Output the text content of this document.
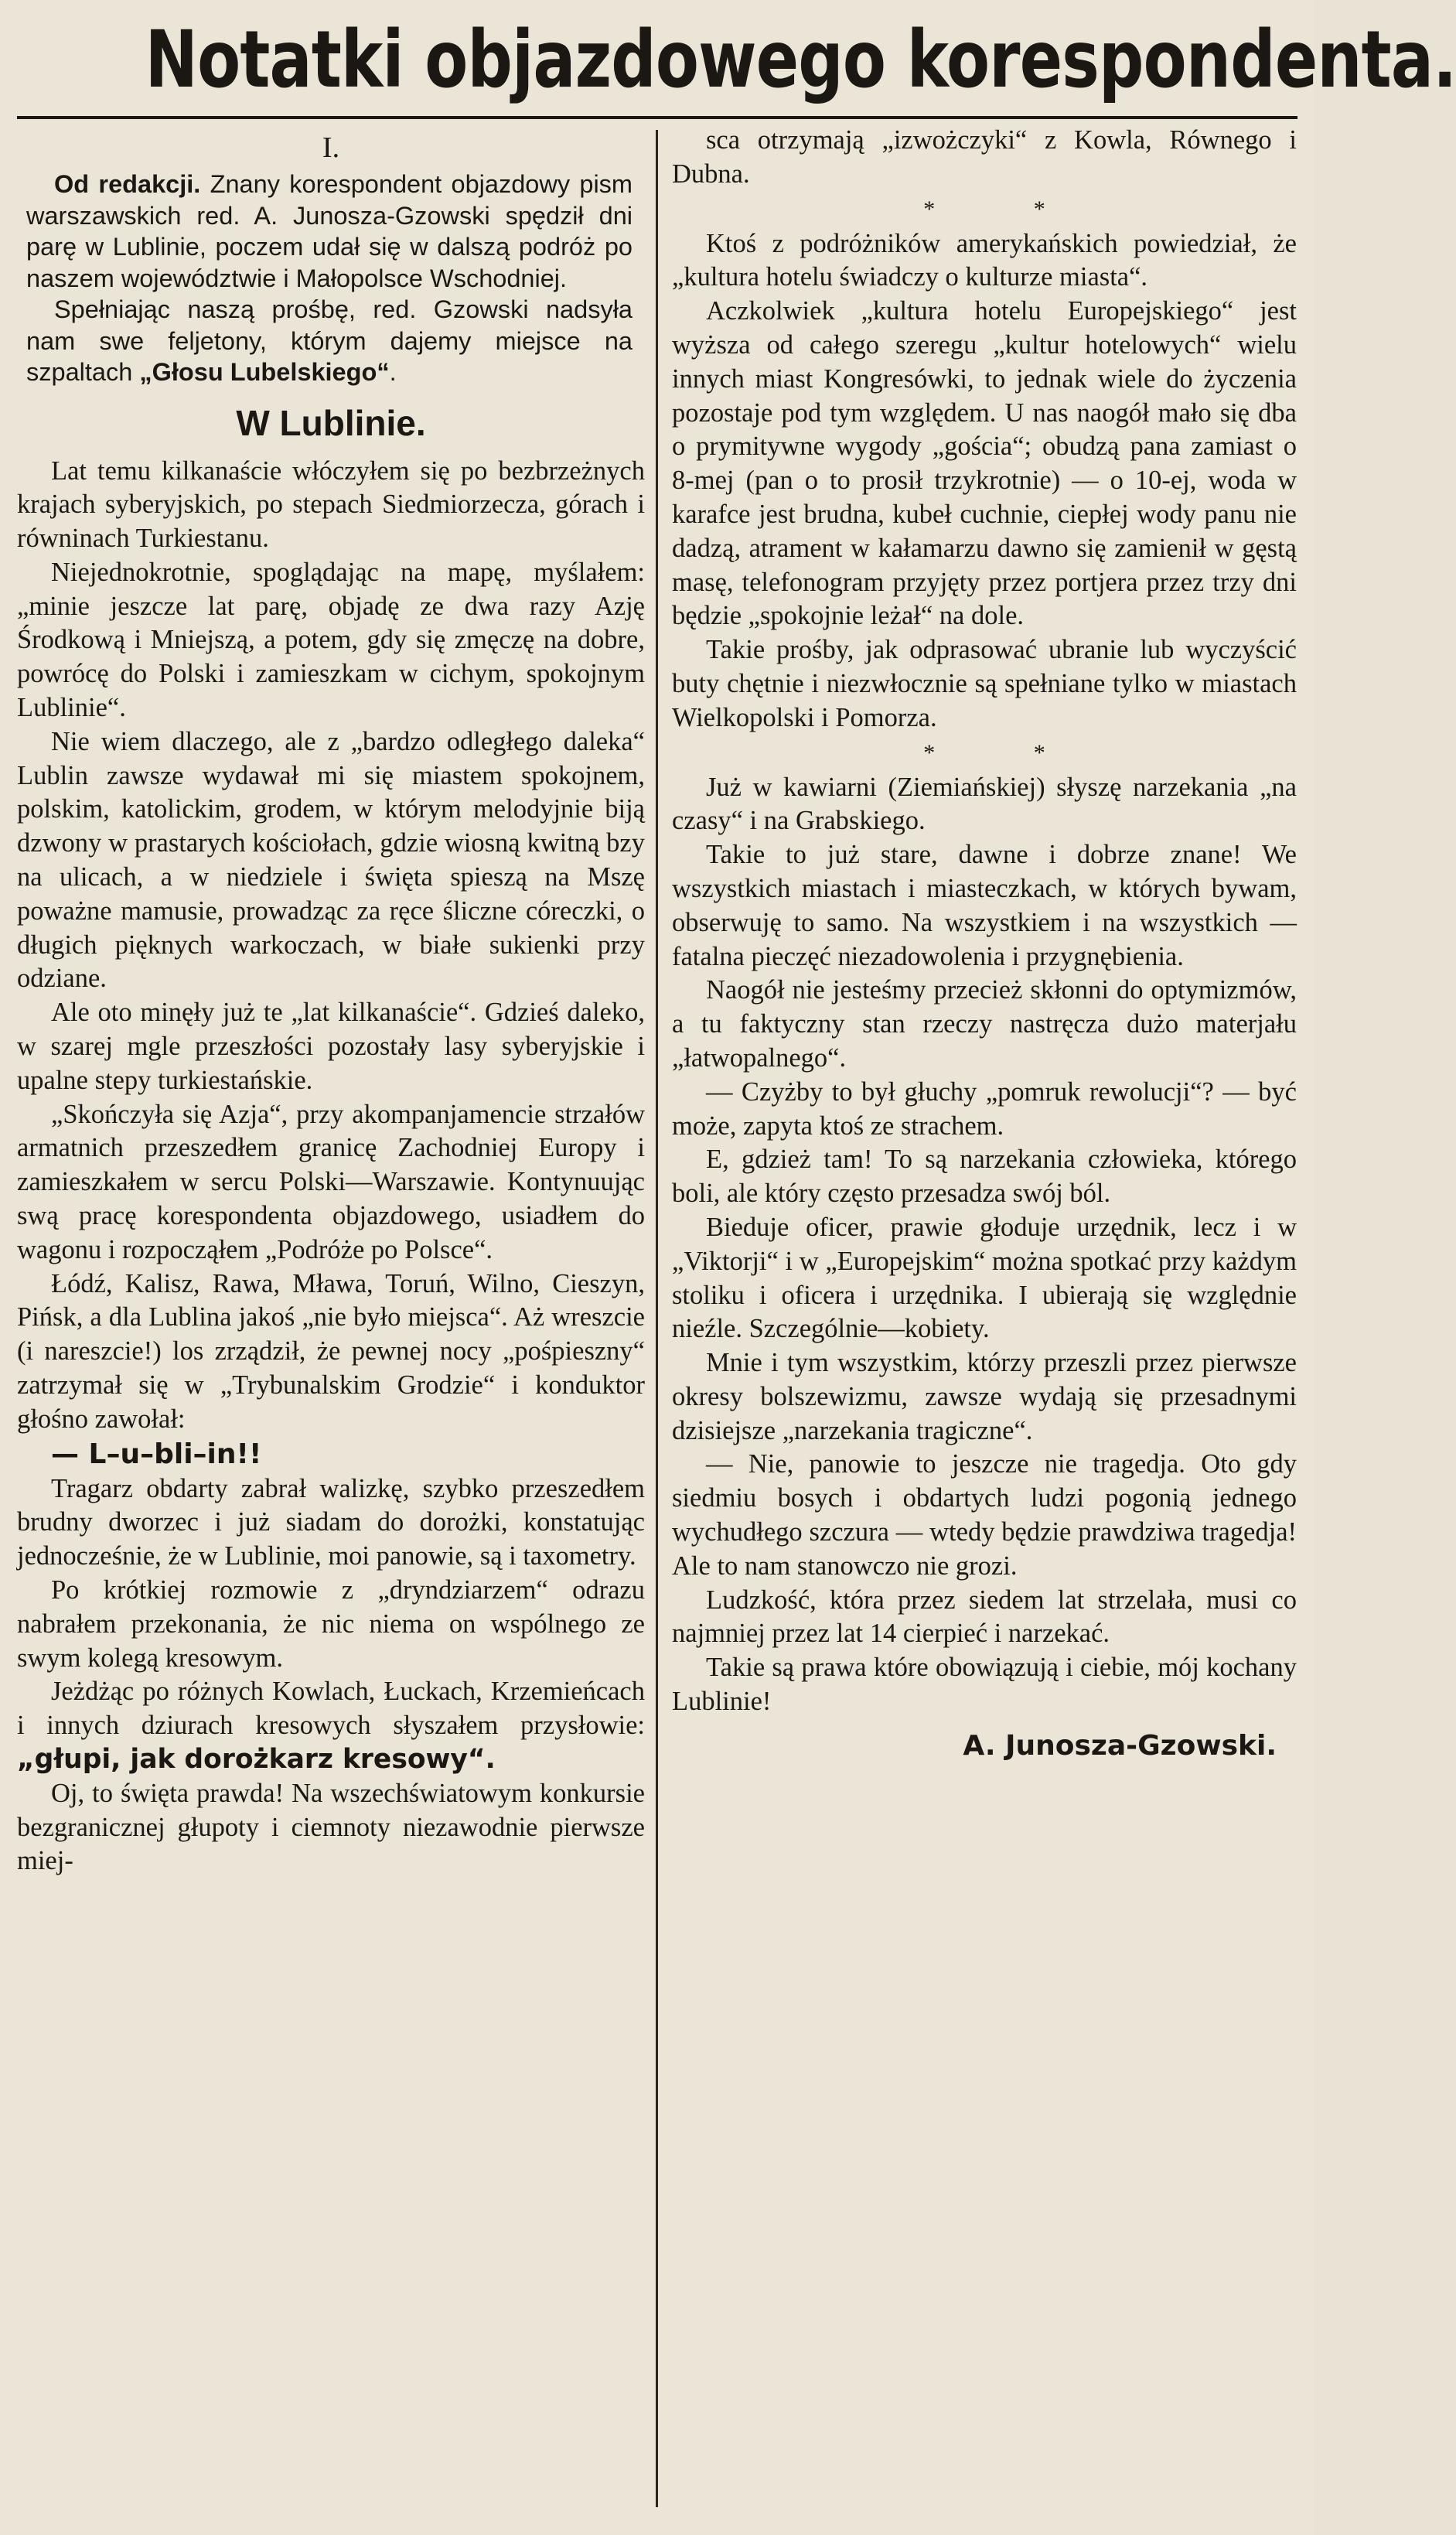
Notatki objazdowego korespondenta.
I.

Od redakcji. Znany korespondent objazdowy pism warszawskich red. A. Junosza-Gzowski spędził dni parę w Lublinie, poczem udał się w dalszą podróż po naszem województwie i Małopolsce Wschodniej.

Spełniając naszą prośbę, red. Gzowski nadsyła nam swe feljetony, którym dajemy miejsce na szpaltach „Głosu Lubelskiego“.

W Lublinie.

Lat temu kilkanaście włóczyłem się po bezbrzeżnych krajach syberyjskich, po stepach Siedmiorzecza, górach i równinach Turkiestanu.

Niejednokrotnie, spoglądając na mapę, myślałem: „minie jeszcze lat parę, objadę ze dwa razy Azję Środkową i Mniejszą, a potem, gdy się zmęczę na dobre, powrócę do Polski i zamieszkam w cichym, spokojnym Lublinie“.

Nie wiem dlaczego, ale z „bardzo odległego daleka“ Lublin zawsze wydawał mi się miastem spokojnem, polskim, katolickim, grodem, w którym melodyjnie biją dzwony w prastarych kościołach, gdzie wiosną kwitną bzy na ulicach, a w niedziele i święta spieszą na Mszę poważne mamusie, prowadząc za ręce śliczne córeczki, o długich pięknych warkoczach, w białe sukienki przy odziane.

Ale oto minęły już te „lat kilkanaście“. Gdzieś daleko, w szarej mgle przeszłości pozostały lasy syberyjskie i upalne stepy turkiestańskie.

„Skończyła się Azja“, przy akompanjamencie strzałów armatnich przeszedłem granicę Zachodniej Europy i zamieszkałem w sercu Polski—Warszawie. Kontynuując swą pracę korespondenta objazdowego, usiadłem do wagonu i rozpocząłem „Podróże po Polsce“.

Łódź, Kalisz, Rawa, Mława, Toruń, Wilno, Cieszyn, Pińsk, a dla Lublina jakoś „nie było miejsca“. Aż wreszcie (i nareszcie!) los zrządził, że pewnej nocy „pośpieszny“ zatrzymał się w „Trybunalskim Grodzie“ i konduktor głośno zawołał:

— L–u–bli–in!!

Tragarz obdarty zabrał walizkę, szybko przeszedłem brudny dworzec i już siadam do dorożki, konstatując jednocześnie, że w Lublinie, moi panowie, są i taxometry.

Po krótkiej rozmowie z „dryndziarzem“ odrazu nabrałem przekonania, że nic niema on wspólnego ze swym kolegą kresowym.

Jeżdżąc po różnych Kowlach, Łuckach, Krzemieńcach i innych dziurach kresowych słyszałem przysłowie: „głupi, jak dorożkarz kresowy“.

Oj, to święta prawda! Na wszechświatowym konkursie bezgranicznej głupoty i ciemnoty niezawodnie pierwsze miej-

sca otrzymają „izwożczyki“ z Kowla, Równego i Dubna.

* *

Ktoś z podróżników amerykańskich powiedział, że „kultura hotelu świadczy o kulturze miasta“.

Aczkolwiek „kultura hotelu Europejskiego“ jest wyższa od całego szeregu „kultur hotelowych“ wielu innych miast Kongresówki, to jednak wiele do życzenia pozostaje pod tym względem. U nas naogół mało się dba o prymitywne wygody „gościa“; obudzą pana zamiast o 8-mej (pan o to prosił trzykrotnie) — o 10-ej, woda w karafce jest brudna, kubeł cuchnie, ciepłej wody panu nie dadzą, atrament w kałamarzu dawno się zamienił w gęstą masę, telefonogram przyjęty przez portjera przez trzy dni będzie „spokojnie leżał“ na dole.

Takie prośby, jak odprasować ubranie lub wyczyścić buty chętnie i niezwłocznie są spełniane tylko w miastach Wielkopolski i Pomorza.

* *

Już w kawiarni (Ziemiańskiej) słyszę narzekania „na czasy“ i na Grabskiego.

Takie to już stare, dawne i dobrze znane! We wszystkich miastach i miasteczkach, w których bywam, obserwuję to samo. Na wszystkiem i na wszystkich — fatalna pieczęć niezadowolenia i przygnębienia.

Naogół nie jesteśmy przecież skłonni do optymizmów, a tu faktyczny stan rzeczy nastręcza dużo materjału „łatwopalnego“.

— Czyżby to był głuchy „pomruk rewolucji“? — być może, zapyta ktoś ze strachem.

E, gdzież tam! To są narzekania człowieka, którego boli, ale który często przesadza swój ból.

Bieduje oficer, prawie głoduje urzędnik, lecz i w „Viktorji“ i w „Europejskim“ można spotkać przy każdym stoliku i oficera i urzędnika. I ubierają się względnie nieźle. Szczególnie—kobiety.

Mnie i tym wszystkim, którzy przeszli przez pierwsze okresy bolszewizmu, zawsze wydają się przesadnymi dzisiejsze „narzekania tragiczne“.

— Nie, panowie to jeszcze nie tragedja. Oto gdy siedmiu bosych i obdartych ludzi pogonią jednego wychudłego szczura — wtedy będzie prawdziwa tragedja! Ale to nam stanowczo nie grozi.

Ludzkość, która przez siedem lat strzelała, musi co najmniej przez lat 14 cierpieć i narzekać.

Takie są prawa które obowiązują i ciebie, mój kochany Lublinie!

A. Junosza-Gzowski.
